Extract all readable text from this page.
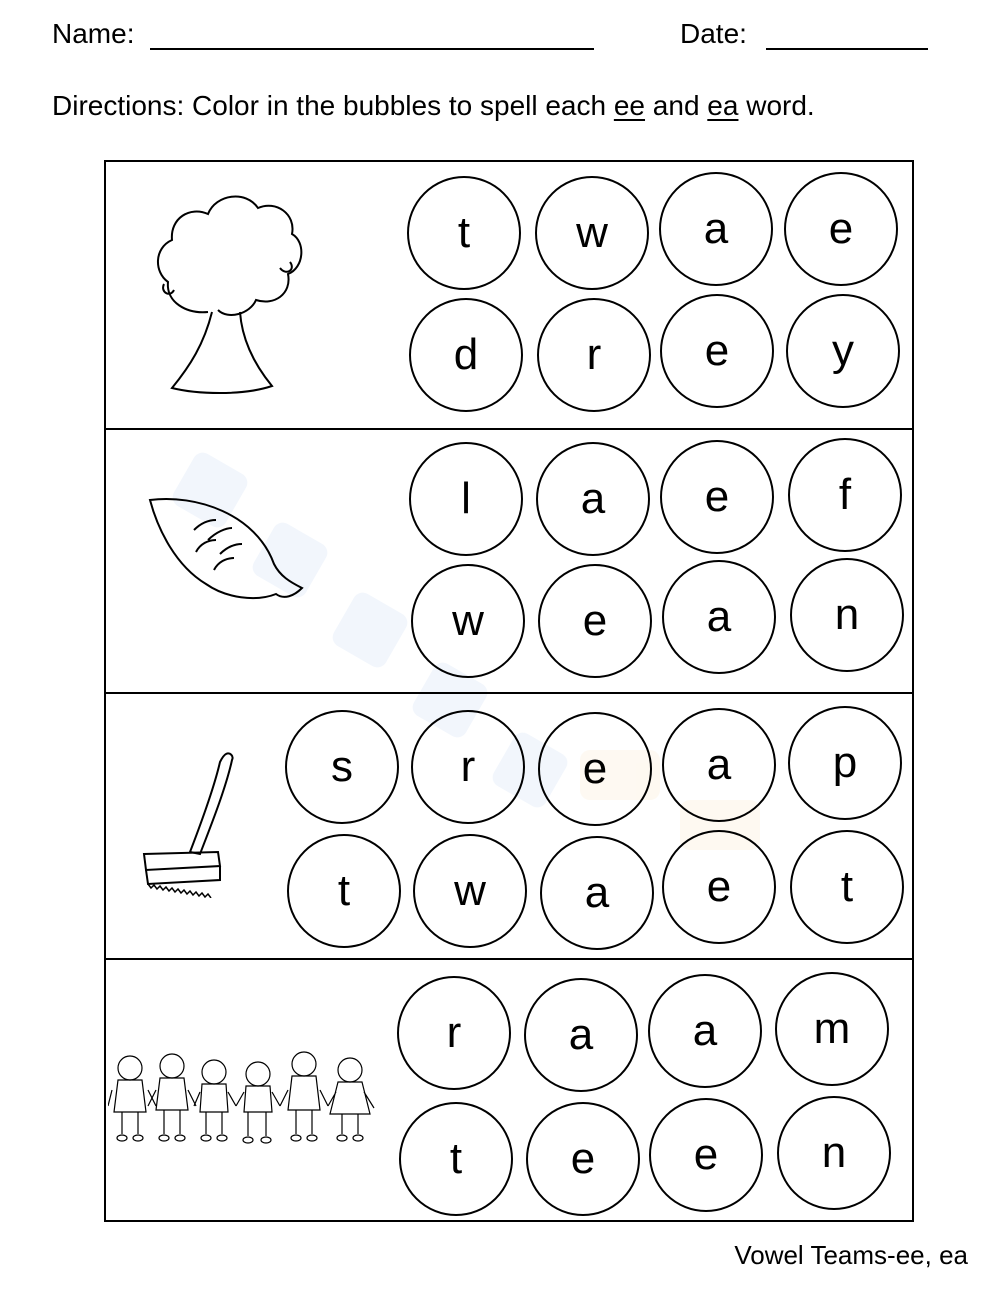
Name:	Date:
Directions: Color in the bubbles to spell each ee and ea word.
t	w	a	e
d	r	e	y
l	a	e	f
w	e	a	n
s	r	e	a	p
t	w	a	e	t
r	a	a	m
t	e	e	n
Vowel Teams-ee, ea
